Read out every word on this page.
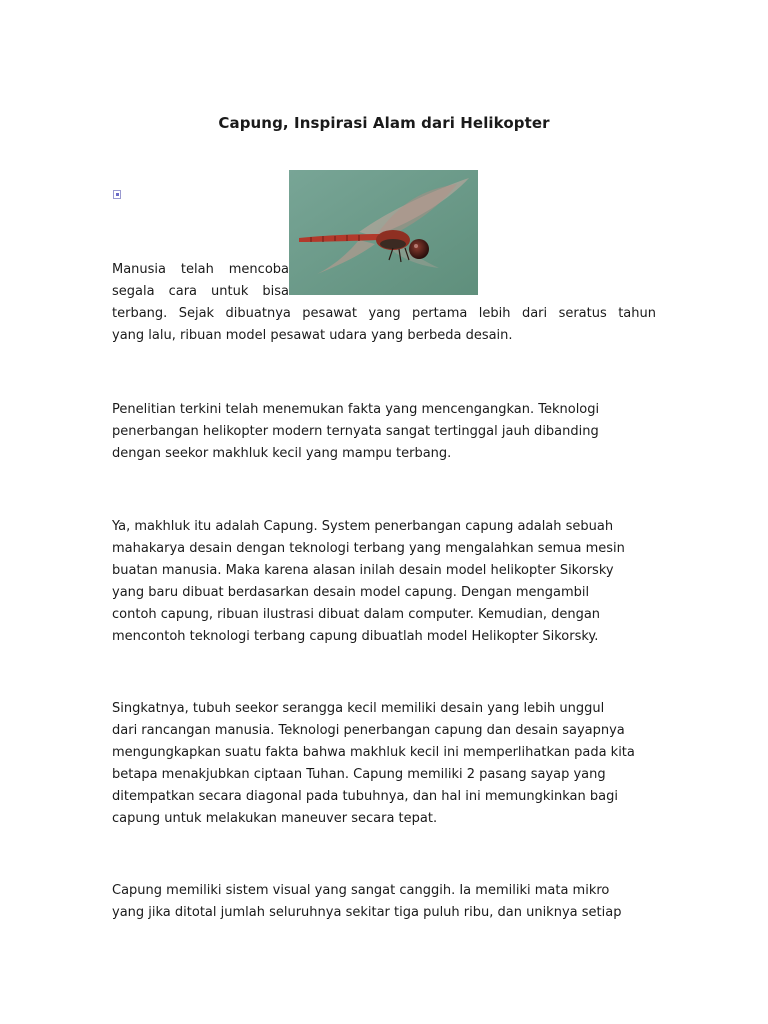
Capung, Inspirasi Alam dari Helikopter
Manusia telah mencoba
segala cara untuk bisa
terbang. Sejak dibuatnya pesawat yang pertama lebih dari seratus tahun
yang lalu, ribuan model pesawat udara yang berbeda desain.
Penelitian terkini telah menemukan fakta yang mencengangkan. Teknologi
penerbangan helikopter modern ternyata sangat tertinggal jauh dibanding
dengan seekor makhluk kecil yang mampu terbang.
Ya, makhluk itu adalah Capung. System penerbangan capung adalah sebuah
mahakarya desain dengan teknologi terbang yang mengalahkan semua mesin
buatan manusia. Maka karena alasan inilah desain model helikopter Sikorsky
yang baru dibuat berdasarkan desain model capung. Dengan mengambil
contoh capung, ribuan ilustrasi dibuat dalam computer. Kemudian, dengan
mencontoh teknologi terbang capung dibuatlah model Helikopter Sikorsky.
Singkatnya, tubuh seekor serangga kecil memiliki desain yang lebih unggul
dari rancangan manusia. Teknologi penerbangan capung dan desain sayapnya
mengungkapkan suatu fakta bahwa makhluk kecil ini memperlihatkan pada kita
betapa menakjubkan ciptaan Tuhan. Capung memiliki 2 pasang sayap yang
ditempatkan secara diagonal pada tubuhnya, dan hal ini memungkinkan bagi
capung untuk melakukan maneuver secara tepat.
Capung memiliki sistem visual yang sangat canggih. Ia memiliki mata mikro
yang jika ditotal jumlah seluruhnya sekitar tiga puluh ribu, dan uniknya setiap
